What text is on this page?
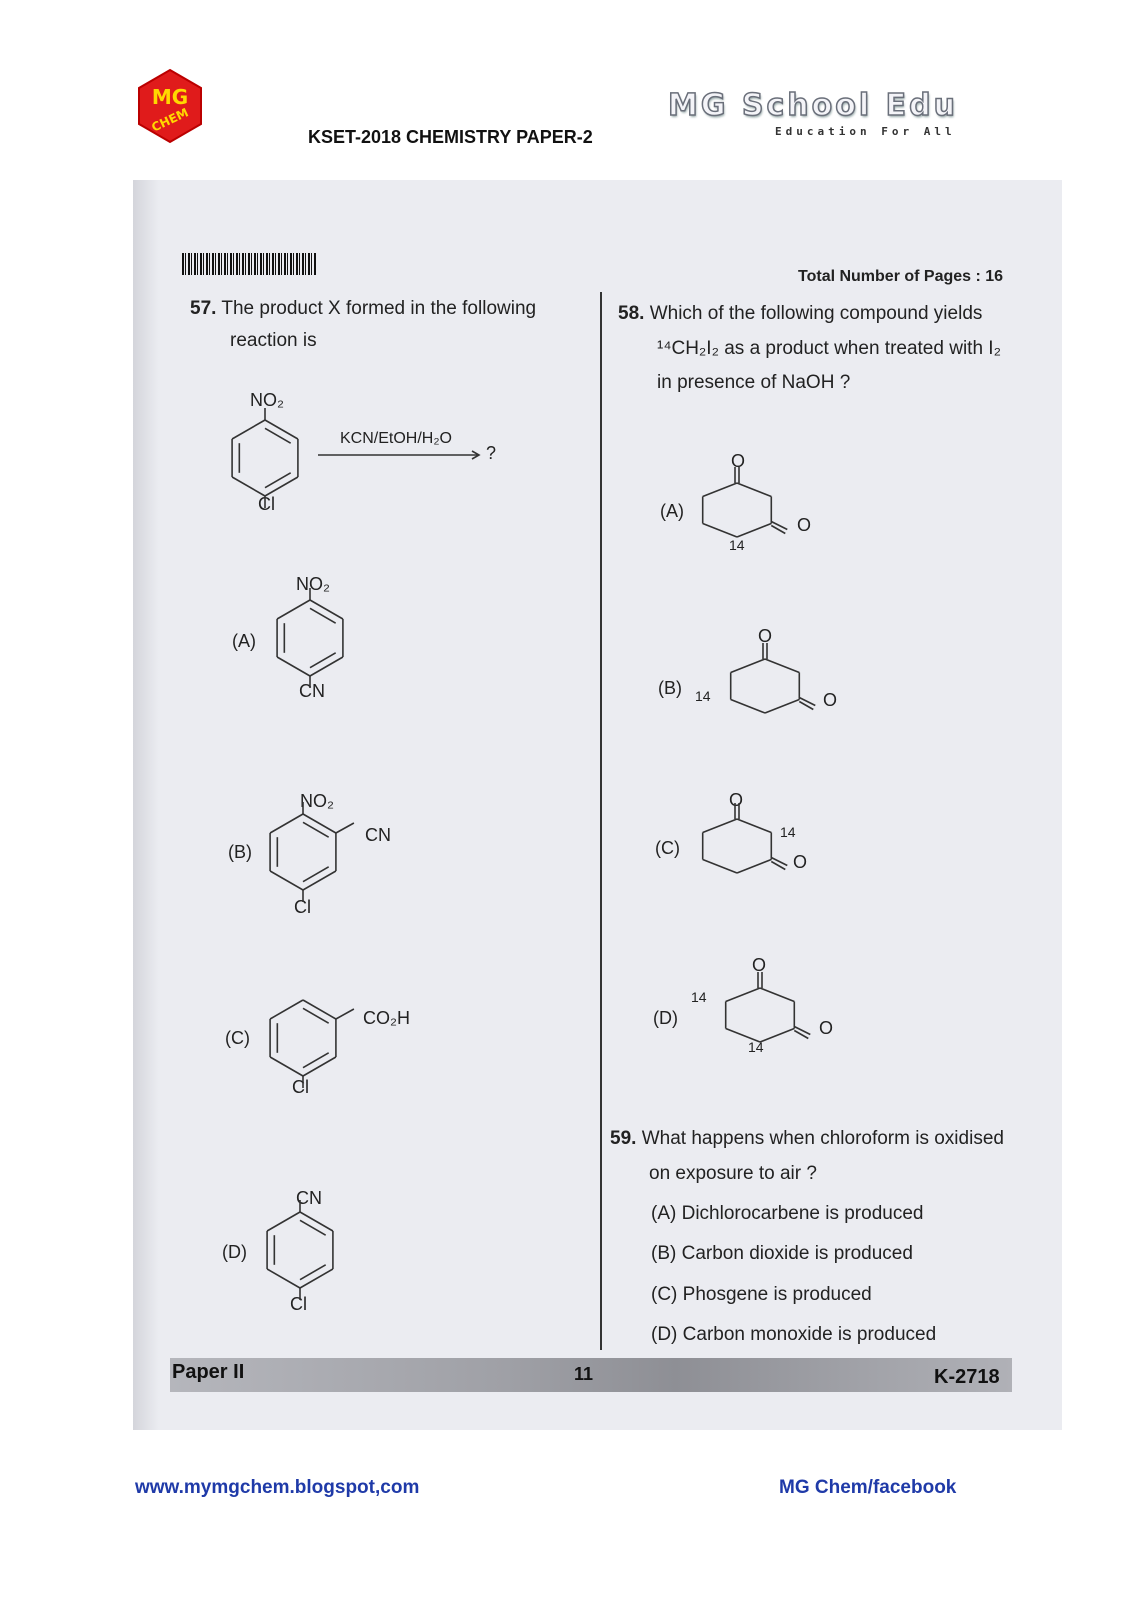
MG
CHEM
KSET-2018 CHEMISTRY PAPER-2
MG School Edu
Education For All
Total Number of Pages : 16
57. The product X formed in the following
reaction is
NO₂
Cl
KCN/EtOH/H₂O
?
(A)
NO₂
CN
(B)
NO₂
CN
Cl
(C)
CO₂H
Cl
(D)
CN
Cl
58. Which of the following compound yields
¹⁴CH₂I₂ as a product when treated with I₂
in presence of NaOH ?
(A)
O
O
14
(B)
O
O
14
(C)
O
O
14
(D)
O
O
14
14
59. What happens when chloroform is oxidised
on exposure to air ?
(A) Dichlorocarbene is produced
(B) Carbon dioxide is produced
(C) Phosgene is produced
(D) Carbon monoxide is produced
Paper II	11	K-2718
www.mymgchem.blogspot,com	MG Chem/facebook
